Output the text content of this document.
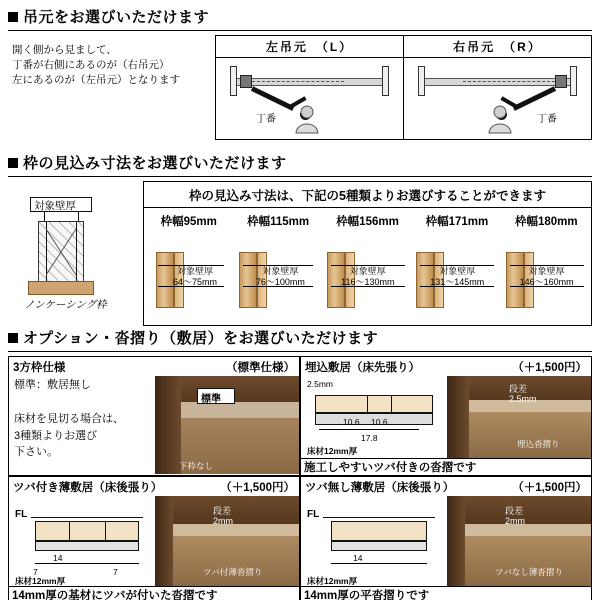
吊元をお選びいただけます
開く側から見まして、
丁番が右側にあるのが（右吊元）
左にあるのが（左吊元）となります
左吊元　（L）
丁番
右吊元　（R）
丁番
枠の見込み寸法をお選びいただけます
対象壁厚
ノンケーシング枠
枠の見込み寸法は、下記の5種類よりお選びすることができます
枠幅95mm
対象壁厚
64～75mm
枠幅115mm
対象壁厚
76～100mm
枠幅156mm
対象壁厚
116～130mm
枠幅171mm
対象壁厚
131～145mm
枠幅180mm
対象壁厚
146～160mm
オプション・沓摺り（敷居）をお選びいただけます
3方枠仕様	（標準仕様）
標準：敷居無し
床材を見切る場合は、
3種類よりお選び
下さい。
標準
下枠なし
埋込敷居（床先張り）	（＋1,500円）
2.5mm
10.6 10.6
17.8
床材12mm厚
段差
2.5mm
埋込沓摺り
施工しやすいツバ付きの沓摺です
ツバ付き薄敷居（床後張り）	（＋1,500円）
FL
14
7	7
床材12mm厚
段差
2mm
ツバ付薄沓摺り
14mm厚の基材にツバが付いた沓摺です
ツバ無し薄敷居（床後張り）	（＋1,500円）
FL
14
床材12mm厚
段差
2mm
ツバなし薄沓摺り
14mm厚の平沓摺りです
